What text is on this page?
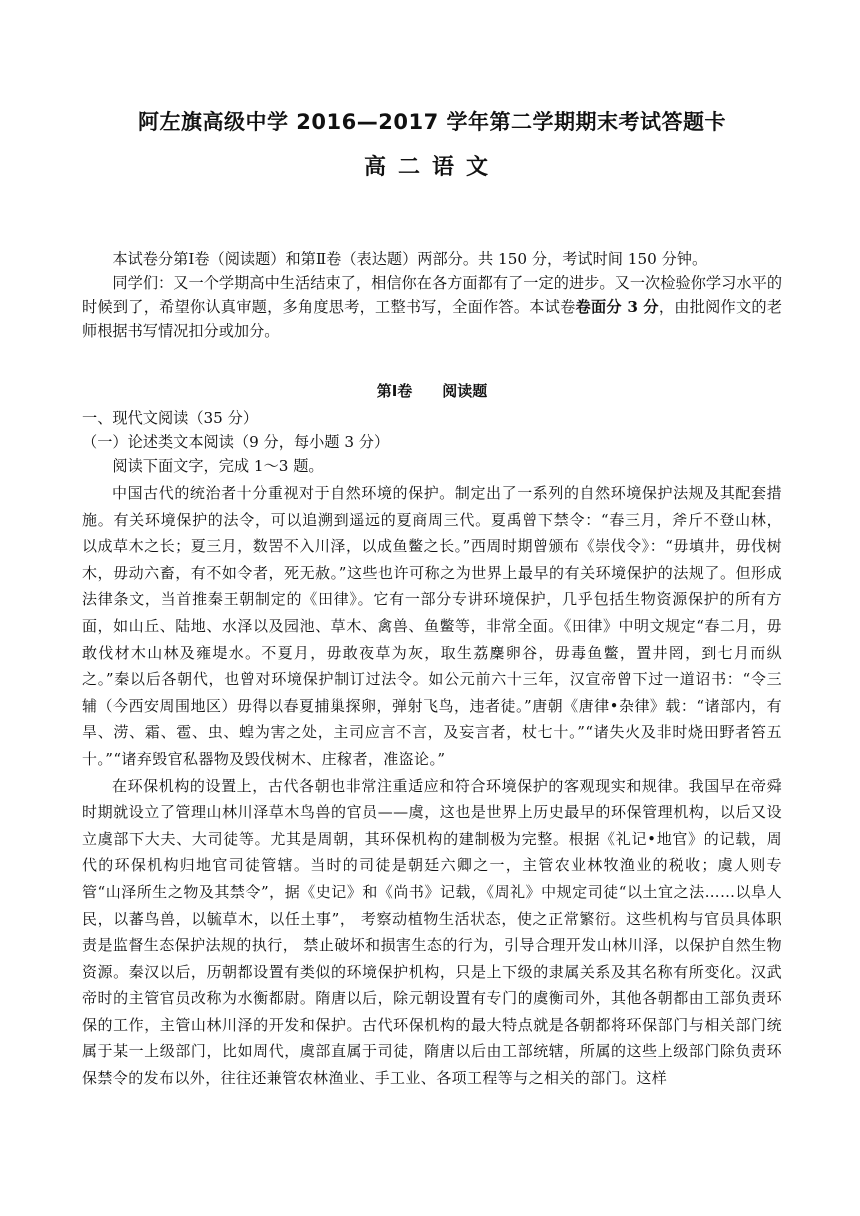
阿左旗高级中学 2016—2017 学年第二学期期末考试答题卡
高二语文

本试卷分第Ⅰ卷（阅读题）和第Ⅱ卷（表达题）两部分。共 150 分，考试时间 150 分钟。

同学们：又一个学期高中生活结束了，相信你在各方面都有了一定的进步。又一次检验你学习水平的时候到了，希望你认真审题，多角度思考，工整书写，全面作答。本试卷卷面分 3 分，由批阅作文的老师根据书写情况扣分或加分。

第Ⅰ卷 阅读题

一、现代文阅读（35 分）

（一）论述类文本阅读（9 分，每小题 3 分）

阅读下面文字，完成 1～3 题。

中国古代的统治者十分重视对于自然环境的保护。制定出了一系列的自然环境保护法规及其配套措施。有关环境保护的法令，可以追溯到遥远的夏商周三代。夏禹曾下禁令：“春三月，斧斤不登山林，以成草木之长；夏三月，数罟不入川泽，以成鱼鳖之长。”西周时期曾颁布《崇伐令》：“毋填井，毋伐树木，毋动六畜，有不如令者，死无赦。”这些也许可称之为世界上最早的有关环境保护的法规了。但形成法律条文，当首推秦王朝制定的《田律》。它有一部分专讲环境保护，几乎包括生物资源保护的所有方面，如山丘、陆地、水泽以及园池、草木、禽兽、鱼鳖等，非常全面。《田律》中明文规定“春二月，毋敢伐材木山林及雍堤水。不夏月，毋敢夜草为灰，取生荔麇卵谷，毋毒鱼鳖，置井罔，到七月而纵之。”秦以后各朝代，也曾对环境保护制订过法令。如公元前六十三年，汉宣帝曾下过一道诏书：“令三辅（今西安周围地区）毋得以春夏捕巢探卵，弹射飞鸟，违者徒。”唐朝《唐律•杂律》载：“诸部内，有旱、涝、霜、雹、虫、蝗为害之处，主司应言不言，及妄言者，杖七十。”“诸失火及非时烧田野者笞五十。”“诸弃毁官私器物及毁伐树木、庄稼者，准盗论。”

在环保机构的设置上，古代各朝也非常注重适应和符合环境保护的客观现实和规律。我国早在帝舜时期就设立了管理山林川泽草木鸟兽的官员——虞，这也是世界上历史最早的环保管理机构，以后又设立虞部下大夫、大司徒等。尤其是周朝，其环保机构的建制极为完整。根据《礼记•地官》的记载，周代的环保机构归地官司徒管辖。当时的司徒是朝廷六卿之一，主管农业林牧渔业的税收；虞人则专管“山泽所生之物及其禁令”，据《史记》和《尚书》记载，《周礼》中规定司徒“以土宜之法……以阜人民，以蕃鸟兽，以毓草木，以任土事”， 考察动植物生活状态，使之正常繁衍。这些机构与官员具体职责是监督生态保护法规的执行， 禁止破坏和损害生态的行为，引导合理开发山林川泽，以保护自然生物资源。秦汉以后，历朝都设置有类似的环境保护机构，只是上下级的隶属关系及其名称有所变化。汉武帝时的主管官员改称为水衡都尉。隋唐以后，除元朝设置有专门的虞衡司外，其他各朝都由工部负责环保的工作，主管山林川泽的开发和保护。古代环保机构的最大特点就是各朝都将环保部门与相关部门统属于某一上级部门，比如周代，虞部直属于司徒，隋唐以后由工部统辖，所属的这些上级部门除负责环保禁令的发布以外，往往还兼管农林渔业、手工业、各项工程等与之相关的部门。这样
